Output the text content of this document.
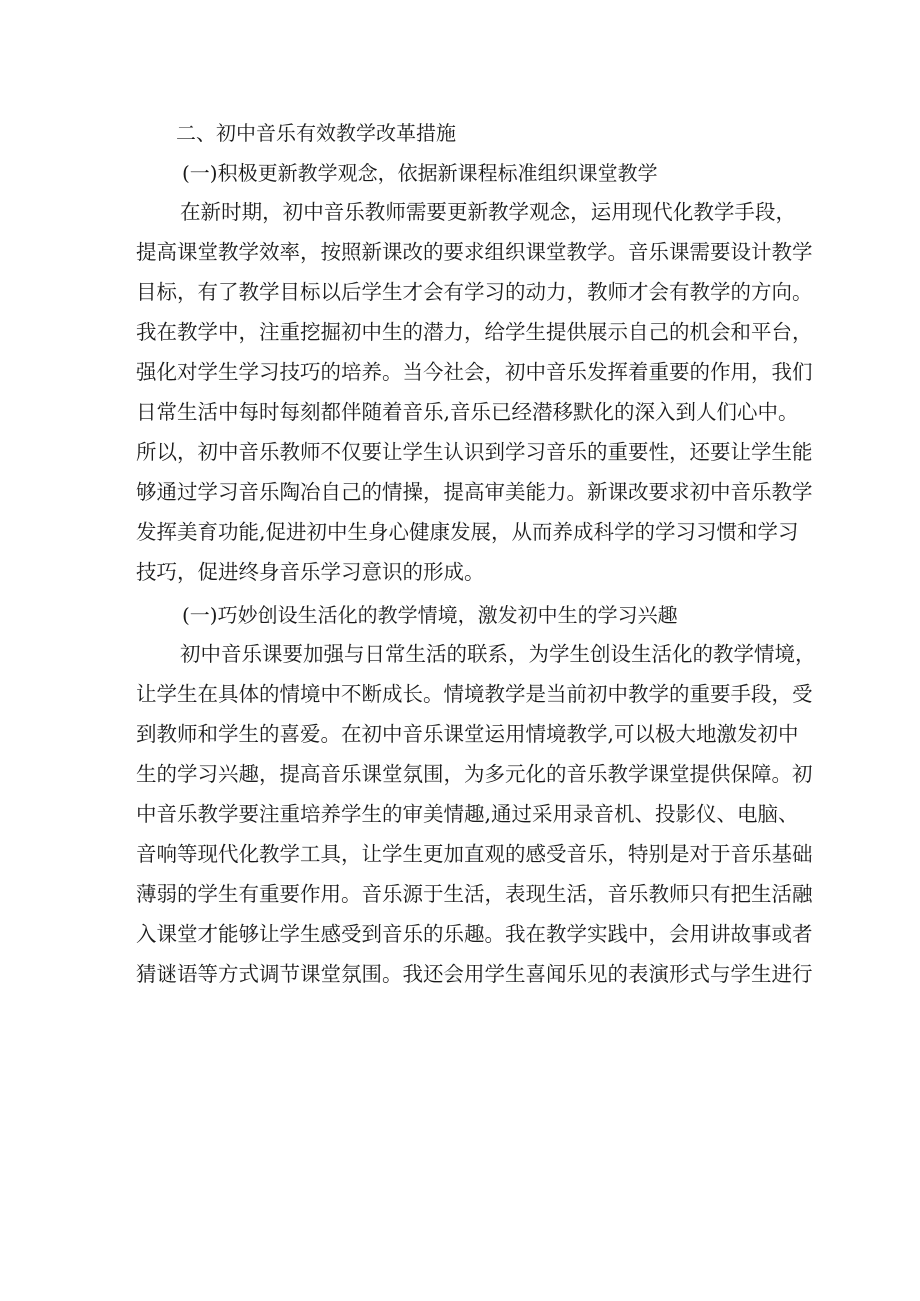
二、初中音乐有效教学改革措施
(一)积极更新教学观念，依据新课程标准组织课堂教学
在新时期，初中音乐教师需要更新教学观念，运用现代化教学手段，
提高课堂教学效率，按照新课改的要求组织课堂教学。音乐课需要设计教学
目标，有了教学目标以后学生才会有学习的动力，教师才会有教学的方向。
我在教学中，注重挖掘初中生的潜力，给学生提供展示自己的机会和平台，
强化对学生学习技巧的培养。当今社会，初中音乐发挥着重要的作用，我们
日常生活中每时每刻都伴随着音乐,音乐已经潜移默化的深入到人们心中。
所以，初中音乐教师不仅要让学生认识到学习音乐的重要性，还要让学生能
够通过学习音乐陶冶自己的情操，提高审美能力。新课改要求初中音乐教学
发挥美育功能,促进初中生身心健康发展，从而养成科学的学习习惯和学习
技巧，促进终身音乐学习意识的形成。
(一)巧妙创设生活化的教学情境，激发初中生的学习兴趣
初中音乐课要加强与日常生活的联系，为学生创设生活化的教学情境，
让学生在具体的情境中不断成长。情境教学是当前初中教学的重要手段，受
到教师和学生的喜爱。在初中音乐课堂运用情境教学,可以极大地激发初中
生的学习兴趣，提高音乐课堂氛围，为多元化的音乐教学课堂提供保障。初
中音乐教学要注重培养学生的审美情趣,通过采用录音机、投影仪、电脑、
音响等现代化教学工具，让学生更加直观的感受音乐，特别是对于音乐基础
薄弱的学生有重要作用。音乐源于生活，表现生活，音乐教师只有把生活融
入课堂才能够让学生感受到音乐的乐趣。我在教学实践中，会用讲故事或者
猜谜语等方式调节课堂氛围。我还会用学生喜闻乐见的表演形式与学生进行
